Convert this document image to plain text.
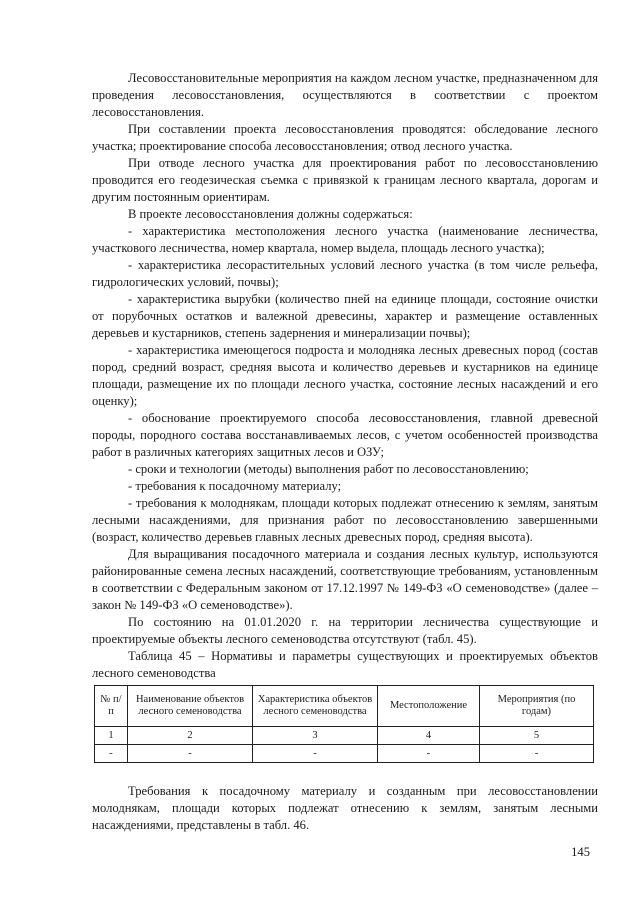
Лесовосстановительные мероприятия на каждом лесном участке, предназначенном для проведения лесовосстановления, осуществляются в соответствии с проектом лесовосстановления.

При составлении проекта лесовосстановления проводятся: обследование лесного участка; проектирование способа лесовосстановления; отвод лесного участка.

При отводе лесного участка для проектирования работ по лесовосстановлению проводится его геодезическая съемка с привязкой к границам лесного квартала, дорогам и другим постоянным ориентирам.

В проекте лесовосстановления должны содержаться:

- характеристика местоположения лесного участка (наименование лесничества, участкового лесничества, номер квартала, номер выдела, площадь лесного участка);

- характеристика лесорастительных условий лесного участка (в том числе рельефа, гидрологических условий, почвы);

- характеристика вырубки (количество пней на единице площади, состояние очистки от порубочных остатков и валежной древесины, характер и размещение оставленных деревьев и кустарников, степень задернения и минерализации почвы);

- характеристика имеющегося подроста и молодняка лесных древесных пород (состав пород, средний возраст, средняя высота и количество деревьев и кустарников на единице площади, размещение их по площади лесного участка, состояние лесных насаждений и его оценку);

- обоснование проектируемого способа лесовосстановления, главной древесной породы, породного состава восстанавливаемых лесов, с учетом особенностей производства работ в различных категориях защитных лесов и ОЗУ;

- сроки и технологии (методы) выполнения работ по лесовосстановлению;

- требования к посадочному материалу;

- требования к молоднякам, площади которых подлежат отнесению к землям, занятым лесными насаждениями, для признания работ по лесовосстановлению завершенными (возраст, количество деревьев главных лесных древесных пород, средняя высота).

Для выращивания посадочного материала и создания лесных культур, используются районированные семена лесных насаждений, соответствующие требованиям, установленным в соответствии с Федеральным законом от 17.12.1997 № 149-ФЗ «О семеноводстве» (далее – закон № 149-ФЗ «О семеноводстве»).

По состоянию на 01.01.2020 г. на территории лесничества существующие и проектируемые объекты лесного семеноводства отсутствуют (табл. 45).

Таблица 45 – Нормативы и параметры существующих и проектируемых объектов лесного семеноводства

№ п/п	Наименование объектов лесного семеноводства	Характеристика объектов лесного семеноводства	Местоположение	Мероприятия (по годам)
1	2	3	4	5
-	-	-	-	-

Требования к посадочному материалу и созданным при лесовосстановлении молоднякам, площади которых подлежат отнесению к землям, занятым лесными насаждениями, представлены в табл. 46.

145
